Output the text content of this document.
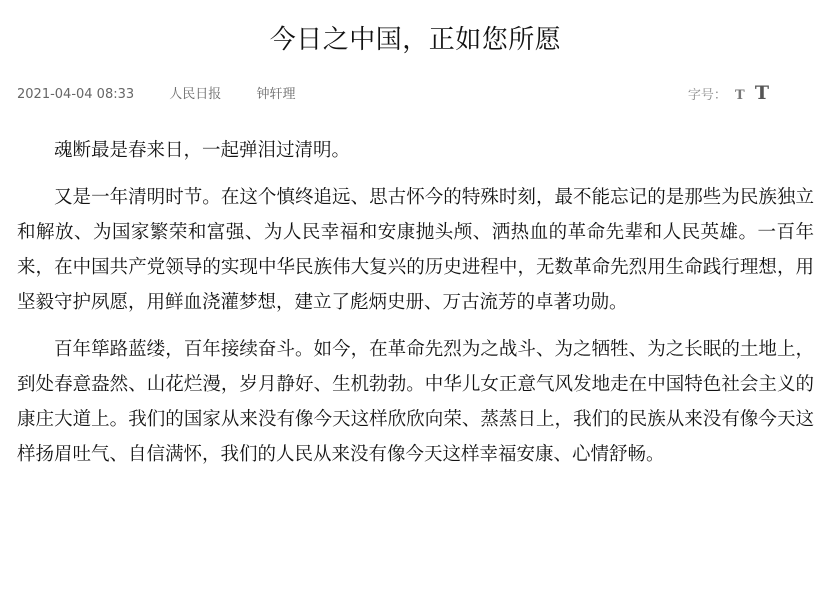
今日之中国，正如您所愿
2021-04-04 08:33	人民日报	钟轩理	字号： T T

魂断最是春来日，一起弹泪过清明。

又是一年清明时节。在这个慎终追远、思古怀今的特殊时刻，最不能忘记的是那些为民族独立和解放、为国家繁荣和富强、为人民幸福和安康抛头颅、洒热血的革命先辈和人民英雄。一百年来，在中国共产党领导的实现中华民族伟大复兴的历史进程中，无数革命先烈用生命践行理想，用坚毅守护夙愿，用鲜血浇灌梦想，建立了彪炳史册、万古流芳的卓著功勋。

百年筚路蓝缕，百年接续奋斗。如今，在革命先烈为之战斗、为之牺牲、为之长眠的土地上，到处春意盎然、山花烂漫，岁月静好、生机勃勃。中华儿女正意气风发地走在中国特色社会主义的康庄大道上。我们的国家从来没有像今天这样欣欣向荣、蒸蒸日上，我们的民族从来没有像今天这样扬眉吐气、自信满怀，我们的人民从来没有像今天这样幸福安康、心情舒畅。
